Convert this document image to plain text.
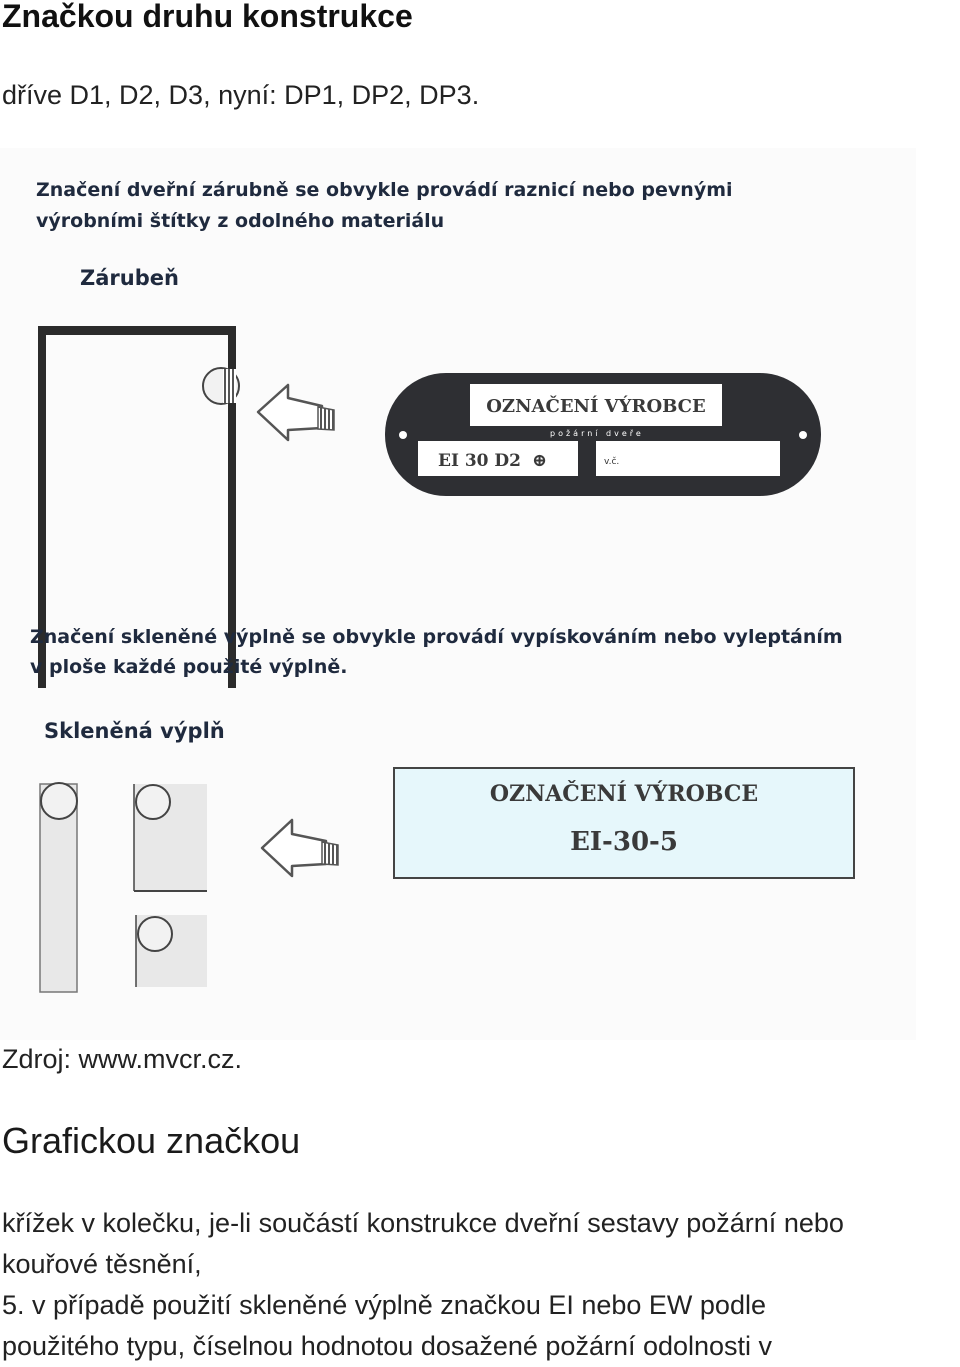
Značkou druhu konstrukce
dříve D1, D2, D3, nyní: DP1, DP2, DP3.
Značení dveřní zárubně se obvykle provádí raznicí nebo pevnými
výrobními štítky z odolného materiálu
Zárubeň
OZNAČENÍ VÝROBCE
požární dveře
EI 30 D2 ⊕	v.č.
Značení skleněné výplně se obvykle provádí vypískováním nebo vyleptáním
v ploše každé použité výplně.
Skleněná výplň
OZNAČENÍ VÝROBCE
EI-30-5
Zdroj: www.mvcr.cz.
Grafickou značkou
křížek v kolečku, je-li součástí konstrukce dveřní sestavy požární nebo
kouřové těsnění,
5. v případě použití skleněné výplně značkou EI nebo EW podle
použitého typu, číselnou hodnotou dosažené požární odolnosti v
